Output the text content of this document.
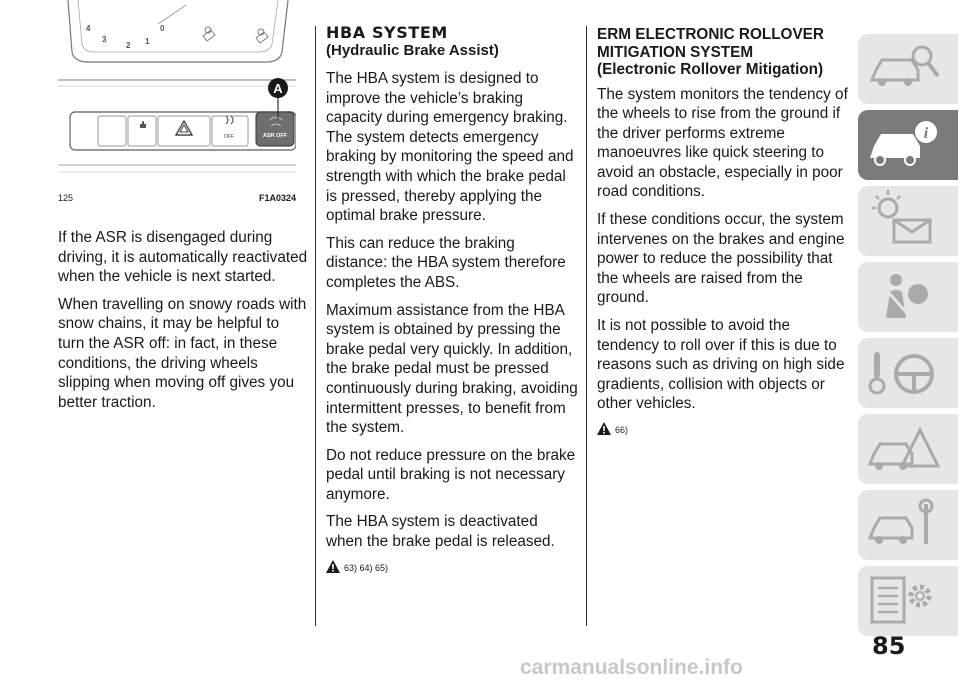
4
3
2 1
0
OFF	ASR OFF
A
125	F1A0324

If the ASR is disengaged during driving, it is automatically reactivated when the vehicle is next started.

When travelling on snowy roads with snow chains, it may be helpful to turn the ASR off: in fact, in these conditions, the driving wheels slipping when moving off gives you better traction.

HBA SYSTEM
(Hydraulic Brake Assist)

The HBA system is designed to improve the vehicle’s braking capacity during emergency braking. The system detects emergency braking by monitoring the speed and strength with which the brake pedal is pressed, thereby applying the optimal brake pressure.

This can reduce the braking distance: the HBA system therefore completes the ABS.

Maximum assistance from the HBA system is obtained by pressing the brake pedal very quickly. In addition, the brake pedal must be pressed continuously during braking, avoiding intermittent presses, to benefit from the system.

Do not reduce pressure on the brake pedal until braking is not necessary anymore.

The HBA system is deactivated when the brake pedal is released.

63) 64) 65)
ERM ELECTRONIC ROLLOVER MITIGATION SYSTEM
(Electronic Rollover Mitigation)

The system monitors the tendency of the wheels to rise from the ground if the driver performs extreme manoeuvres like quick steering to avoid an obstacle, especially in poor road conditions.

If these conditions occur, the system intervenes on the brakes and engine power to reduce the possibility that the wheels are raised from the ground.

It is not possible to avoid the tendency to roll over if this is due to reasons such as driving on high side gradients, collision with objects or other vehicles.

66)
i
85
carmanualsonline.info
